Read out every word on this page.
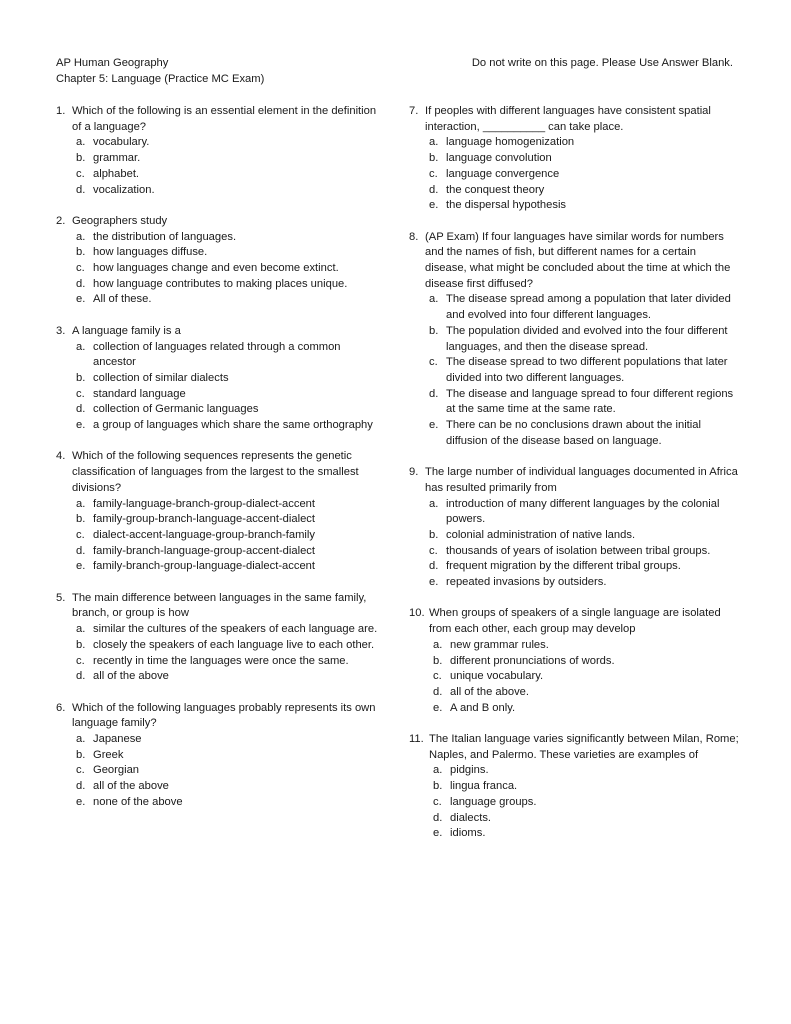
AP Human Geography
Chapter 5: Language (Practice MC Exam)
Do not write on this page. Please Use Answer Blank.
1. Which of the following is an essential element in the definition of a language?
a. vocabulary.
b. grammar.
c. alphabet.
d. vocalization.
2. Geographers study
a. the distribution of languages.
b. how languages diffuse.
c. how languages change and even become extinct.
d. how language contributes to making places unique.
e. All of these.
3. A language family is a
a. collection of languages related through a common ancestor
b. collection of similar dialects
c. standard language
d. collection of Germanic languages
e. a group of languages which share the same orthography
4. Which of the following sequences represents the genetic classification of languages from the largest to the smallest divisions?
a. family-language-branch-group-dialect-accent
b. family-group-branch-language-accent-dialect
c. dialect-accent-language-group-branch-family
d. family-branch-language-group-accent-dialect
e. family-branch-group-language-dialect-accent
5. The main difference between languages in the same family, branch, or group is how
a. similar the cultures of the speakers of each language are.
b. closely the speakers of each language live to each other.
c. recently in time the languages were once the same.
d. all of the above
6. Which of the following languages probably represents its own language family?
a. Japanese
b. Greek
c. Georgian
d. all of the above
e. none of the above
7. If peoples with different languages have consistent spatial interaction, __________ can take place.
a. language homogenization
b. language convolution
c. language convergence
d. the conquest theory
e. the dispersal hypothesis
8. (AP Exam) If four languages have similar words for numbers and the names of fish, but different names for a certain disease, what might be concluded about the time at which the disease first diffused?
a. The disease spread among a population that later divided and evolved into four different languages.
b. The population divided and evolved into the four different languages, and then the disease spread.
c. The disease spread to two different populations that later divided into two different languages.
d. The disease and language spread to four different regions at the same time at the same rate.
e. There can be no conclusions drawn about the initial diffusion of the disease based on language.
9. The large number of individual languages documented in Africa has resulted primarily from
a. introduction of many different languages by the colonial powers.
b. colonial administration of native lands.
c. thousands of years of isolation between tribal groups.
d. frequent migration by the different tribal groups.
e. repeated invasions by outsiders.
10. When groups of speakers of a single language are isolated from each other, each group may develop
a. new grammar rules.
b. different pronunciations of words.
c. unique vocabulary.
d. all of the above.
e. A and B only.
11. The Italian language varies significantly between Milan, Rome; Naples, and Palermo. These varieties are examples of
a. pidgins.
b. lingua franca.
c. language groups.
d. dialects.
e. idioms.
